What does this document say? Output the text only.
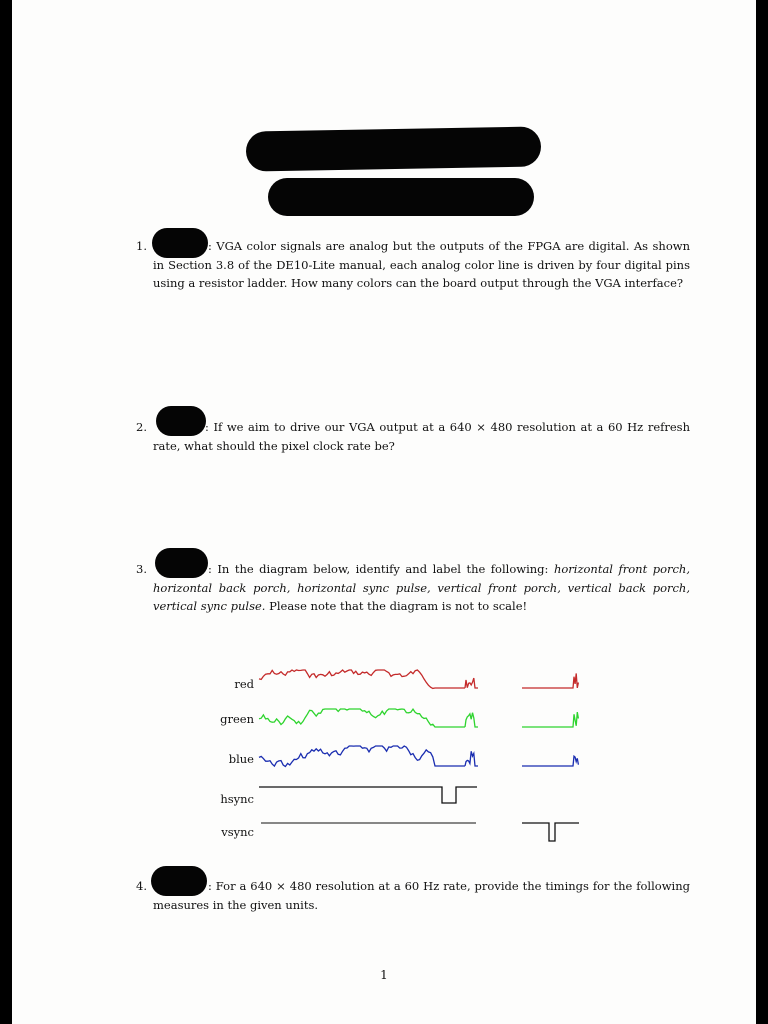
1.	: VGA color signals are analog but the outputs of the FPGA are digital. As shown in Section 3.8 of the DE10-Lite manual, each analog color line is driven by four digital pins using a resistor ladder. How many colors can the board output through the VGA interface?
2.	: If we aim to drive our VGA output at a 640 × 480 resolution at a 60 Hz refresh rate, what should the pixel clock rate be?
3.	: In the diagram below, identify and label the following: horizontal front porch, horizontal back porch, horizontal sync pulse, vertical front porch, vertical back porch, vertical sync pulse. Please note that the diagram is not to scale!
red
green
blue
hsync
vsync
4.	: For a 640 × 480 resolution at a 60 Hz rate, provide the timings for the following measures in the given units.
1
